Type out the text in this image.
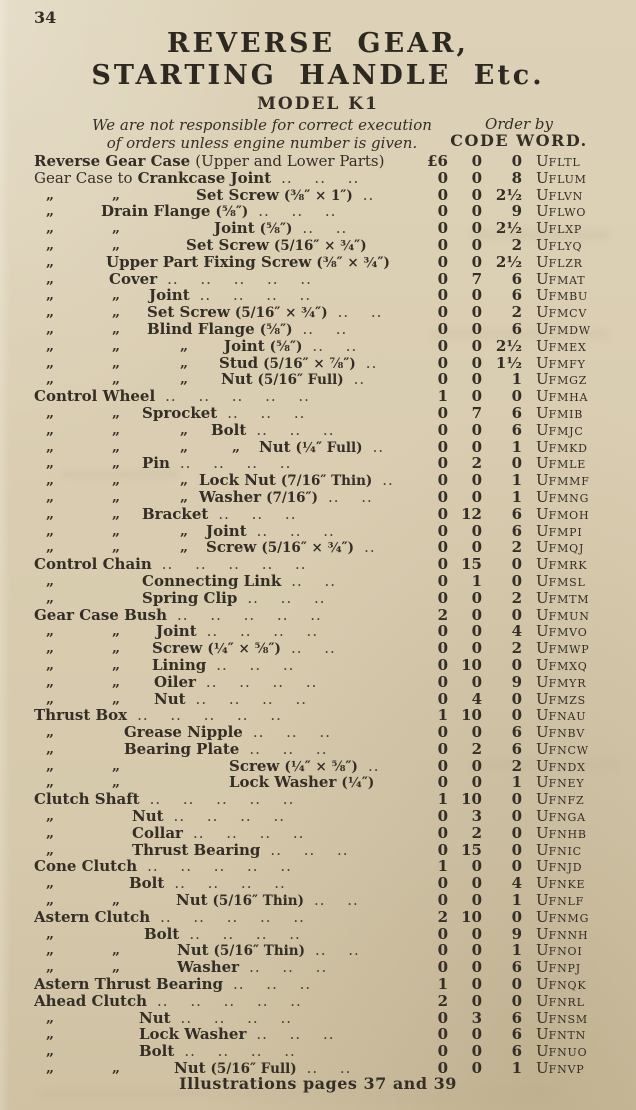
34
REVERSE GEAR,
STARTING HANDLE Etc.
MODEL K1
We are not responsible for correct execution
of orders unless engine number is given.
Order by
CODE WORD.
Reverse Gear Case (Upper and Lower Parts)	£6	0	0 UFLTL
Gear Case to Crankcase Joint .. .. ..	0	0	8 UFLUM
„	„	Set Screw (⅜″ × 1″) ..	0	0 2½ UFLVN
„	Drain Flange (⅝″) .. .. ..	0	0	9 UFLWO
„	„	Joint (⅝″) .. ..	0	0 2½ UFLXP
„	„	Set Screw (5/16″ × ¾″)	0	0	2 UFLYQ
„	Upper Part Fixing Screw (⅜″ × ¾″)	0	0 2½ UFLZR
„	Cover .. .. .. .. ..	0	7	6 UFMAT
„	„ Joint .. .. .. ..	0	0	6 UFMBU
„	„ Set Screw (5/16″ × ¾″) .. ..	0	0	2 UFMCV
„	„ Blind Flange (⅝″) .. ..	0	0	6 UFMDW
„	„	„ Joint (⅝″) .. ..	0	0 2½ UFMEX
„	„	„ Stud (5/16″ × ⅞″) ..	0	0 1½ UFMFY
„	„	„ Nut (5/16″ Full) ..	0	0	1 UFMGZ
Control Wheel .. .. .. .. ..	1	0	0 UFMHA
„	„ Sprocket .. .. ..	0	7	6 UFMIB
„	„	„ Bolt .. .. ..	0	0	6 UFMJC
„	„	„	„ Nut (¼″ Full) ..	0	0	1 UFMKD
„	„ Pin .. .. .. ..	0	2	0 UFMLE
„	„	„ Lock Nut (7/16″ Thin) ..	0	0	1 UFMMF
„	„	„ Washer (7/16″) .. ..	0	0	1 UFMNG
„	„ Bracket .. .. ..	0 12	6 UFMOH
„	„	„ Joint .. .. ..	0	0	6 UFMPI
„	„	„ Screw (5/16″ × ¾″) ..	0	0	2 UFMQJ
Control Chain .. .. .. .. ..	0 15	0 UFMRK
„	Connecting Link .. ..	0	1	0 UFMSL
„	Spring Clip .. .. ..	0	0	2 UFMTM
Gear Case Bush .. .. .. .. ..	2	0	0 UFMUN
„	„ Joint .. .. .. ..	0	0	4 UFMVO
„	„ Screw (¼″ × ⅝″) .. ..	0	0	2 UFMWP
„	„ Lining .. .. ..	0 10	0 UFMXQ
„	„ Oiler .. .. .. ..	0	0	9 UFMYR
„	„ Nut .. .. .. ..	0	4	0 UFMZS
Thrust Box .. .. .. .. ..	1 10	0 UFNAU
„	Grease Nipple .. .. ..	0	0	6 UFNBV
„	Bearing Plate .. .. ..	0	2	6 UFNCW
„	„	Screw (¼″ × ⅝″) ..	0	0	2 UFNDX
„	„	Lock Washer (¼″)	0	0	1 UFNEY
Clutch Shaft .. .. .. .. ..	1 10	0 UFNFZ
„	Nut .. .. .. ..	0	3	0 UFNGA
„	Collar .. .. .. ..	0	2	0 UFNHB
„	Thrust Bearing .. .. ..	0 15	0 UFNIC
Cone Clutch .. .. .. .. ..	1	0	0 UFNJD
„	Bolt .. .. .. ..	0	0	4 UFNKE
„	„	Nut (5/16″ Thin) .. ..	0	0	1 UFNLF
Astern Clutch .. .. .. .. ..	2 10	0 UFNMG
„	Bolt .. .. .. ..	0	0	9 UFNNH
„	„	Nut (5/16″ Thin) .. ..	0	0	1 UFNOI
„	„	Washer .. .. ..	0	0	6 UFNPJ
Astern Thrust Bearing .. .. ..	1	0	0 UFNQK
Ahead Clutch .. .. .. .. ..	2	0	0 UFNRL
„	Nut .. .. .. ..	0	3	6 UFNSM
„	Lock Washer .. .. ..	0	0	6 UFNTN
„	Bolt .. .. .. ..	0	0	6 UFNUO
„	„	Nut (5/16″ Full) .. ..	0	0	1 UFNVP
Illustrations pages 37 and 39
